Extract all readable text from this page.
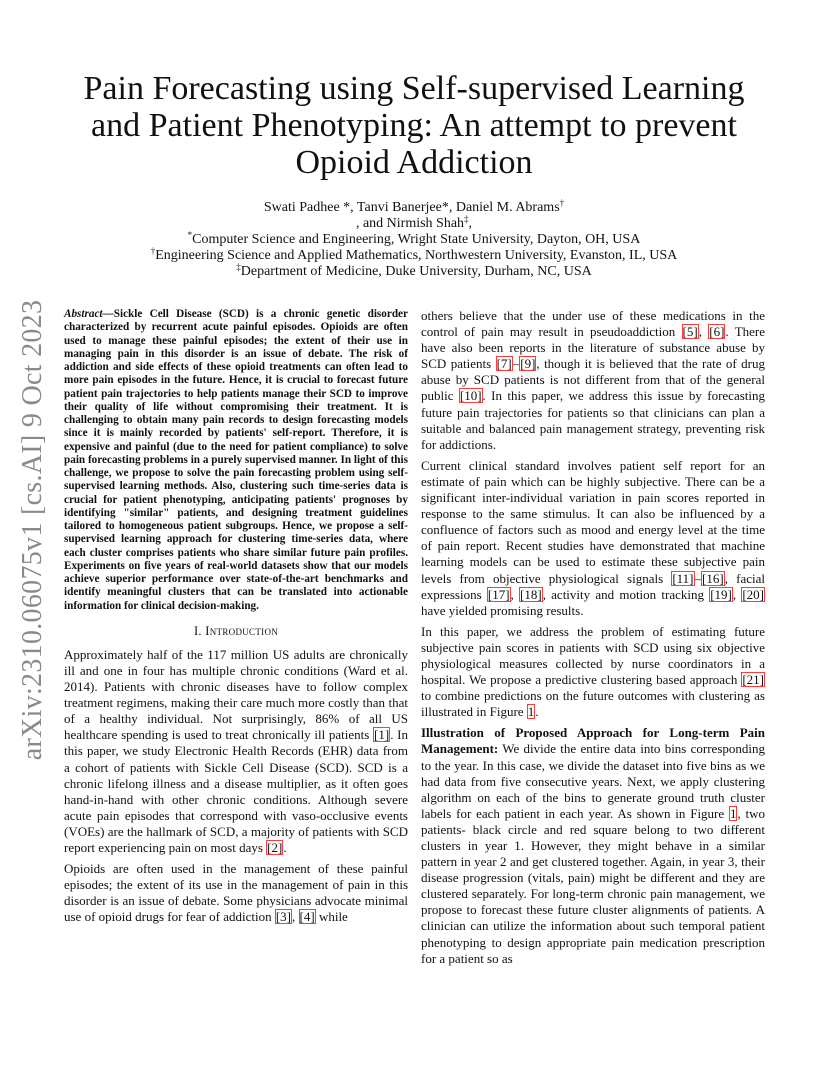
arXiv:2310.06075v1 [cs.AI] 9 Oct 2023
Pain Forecasting using Self-supervised Learning and Patient Phenotyping: An attempt to prevent Opioid Addiction
Swati Padhee *, Tanvi Banerjee*, Daniel M. Abrams†
, and Nirmish Shah‡,
*Computer Science and Engineering, Wright State University, Dayton, OH, USA
†Engineering Science and Applied Mathematics, Northwestern University, Evanston, IL, USA
‡Department of Medicine, Duke University, Durham, NC, USA

Abstract—Sickle Cell Disease (SCD) is a chronic genetic disorder characterized by recurrent acute painful episodes. Opioids are often used to manage these painful episodes; the extent of their use in managing pain in this disorder is an issue of debate. The risk of addiction and side effects of these opioid treatments can often lead to more pain episodes in the future. Hence, it is crucial to forecast future patient pain trajectories to help patients manage their SCD to improve their quality of life without compromising their treatment. It is challenging to obtain many pain records to design forecasting models since it is mainly recorded by patients' self-report. Therefore, it is expensive and painful (due to the need for patient compliance) to solve pain forecasting problems in a purely supervised manner. In light of this challenge, we propose to solve the pain forecasting problem using self-supervised learning methods. Also, clustering such time-series data is crucial for patient phenotyping, anticipating patients' prognoses by identifying "similar" patients, and designing treatment guidelines tailored to homogeneous patient subgroups. Hence, we propose a self-supervised learning approach for clustering time-series data, where each cluster comprises patients who share similar future pain profiles. Experiments on five years of real-world datasets show that our models achieve superior performance over state-of-the-art benchmarks and identify meaningful clusters that can be translated into actionable information for clinical decision-making.

I. Introduction

Approximately half of the 117 million US adults are chronically ill and one in four has multiple chronic conditions (Ward et al. 2014). Patients with chronic diseases have to follow complex treatment regimens, making their care much more costly than that of a healthy individual. Not surprisingly, 86% of all US healthcare spending is used to treat chronically ill patients [1]. In this paper, we study Electronic Health Records (EHR) data from a cohort of patients with Sickle Cell Disease (SCD). SCD is a chronic lifelong illness and a disease multiplier, as it often goes hand-in-hand with other chronic conditions. Although severe acute pain episodes that correspond with vaso-occlusive events (VOEs) are the hallmark of SCD, a majority of patients with SCD report experiencing pain on most days [2].

Opioids are often used in the management of these painful episodes; the extent of its use in the management of pain in this disorder is an issue of debate. Some physicians advocate minimal use of opioid drugs for fear of addiction [3], [4] while

others believe that the under use of these medications in the control of pain may result in pseudoaddiction [5], [6]. There have also been reports in the literature of substance abuse by SCD patients [7]–[9], though it is believed that the rate of drug abuse by SCD patients is not different from that of the general public [10]. In this paper, we address this issue by forecasting future pain trajectories for patients so that clinicians can plan a suitable and balanced pain management strategy, preventing risk for addictions.

Current clinical standard involves patient self report for an estimate of pain which can be highly subjective. There can be a significant inter-individual variation in pain scores reported in response to the same stimulus. It can also be influenced by a confluence of factors such as mood and energy level at the time of pain report. Recent studies have demonstrated that machine learning models can be used to estimate these subjective pain levels from objective physiological signals [11]–[16], facial expressions [17], [18], activity and motion tracking [19], [20] have yielded promising results.

In this paper, we address the problem of estimating future subjective pain scores in patients with SCD using six objective physiological measures collected by nurse coordinators in a hospital. We propose a predictive clustering based approach [21] to combine predictions on the future outcomes with clustering as illustrated in Figure 1.

Illustration of Proposed Approach for Long-term Pain Management: We divide the entire data into bins corresponding to the year. In this case, we divide the dataset into five bins as we had data from five consecutive years. Next, we apply clustering algorithm on each of the bins to generate ground truth cluster labels for each patient in each year. As shown in Figure 1, two patients- black circle and red square belong to two different clusters in year 1. However, they might behave in a similar pattern in year 2 and get clustered together. Again, in year 3, their disease progression (vitals, pain) might be different and they are clustered separately. For long-term chronic pain management, we propose to forecast these future cluster alignments of patients. A clinician can utilize the information about such temporal patient phenotyping to design appropriate pain medication prescription for a patient so as
